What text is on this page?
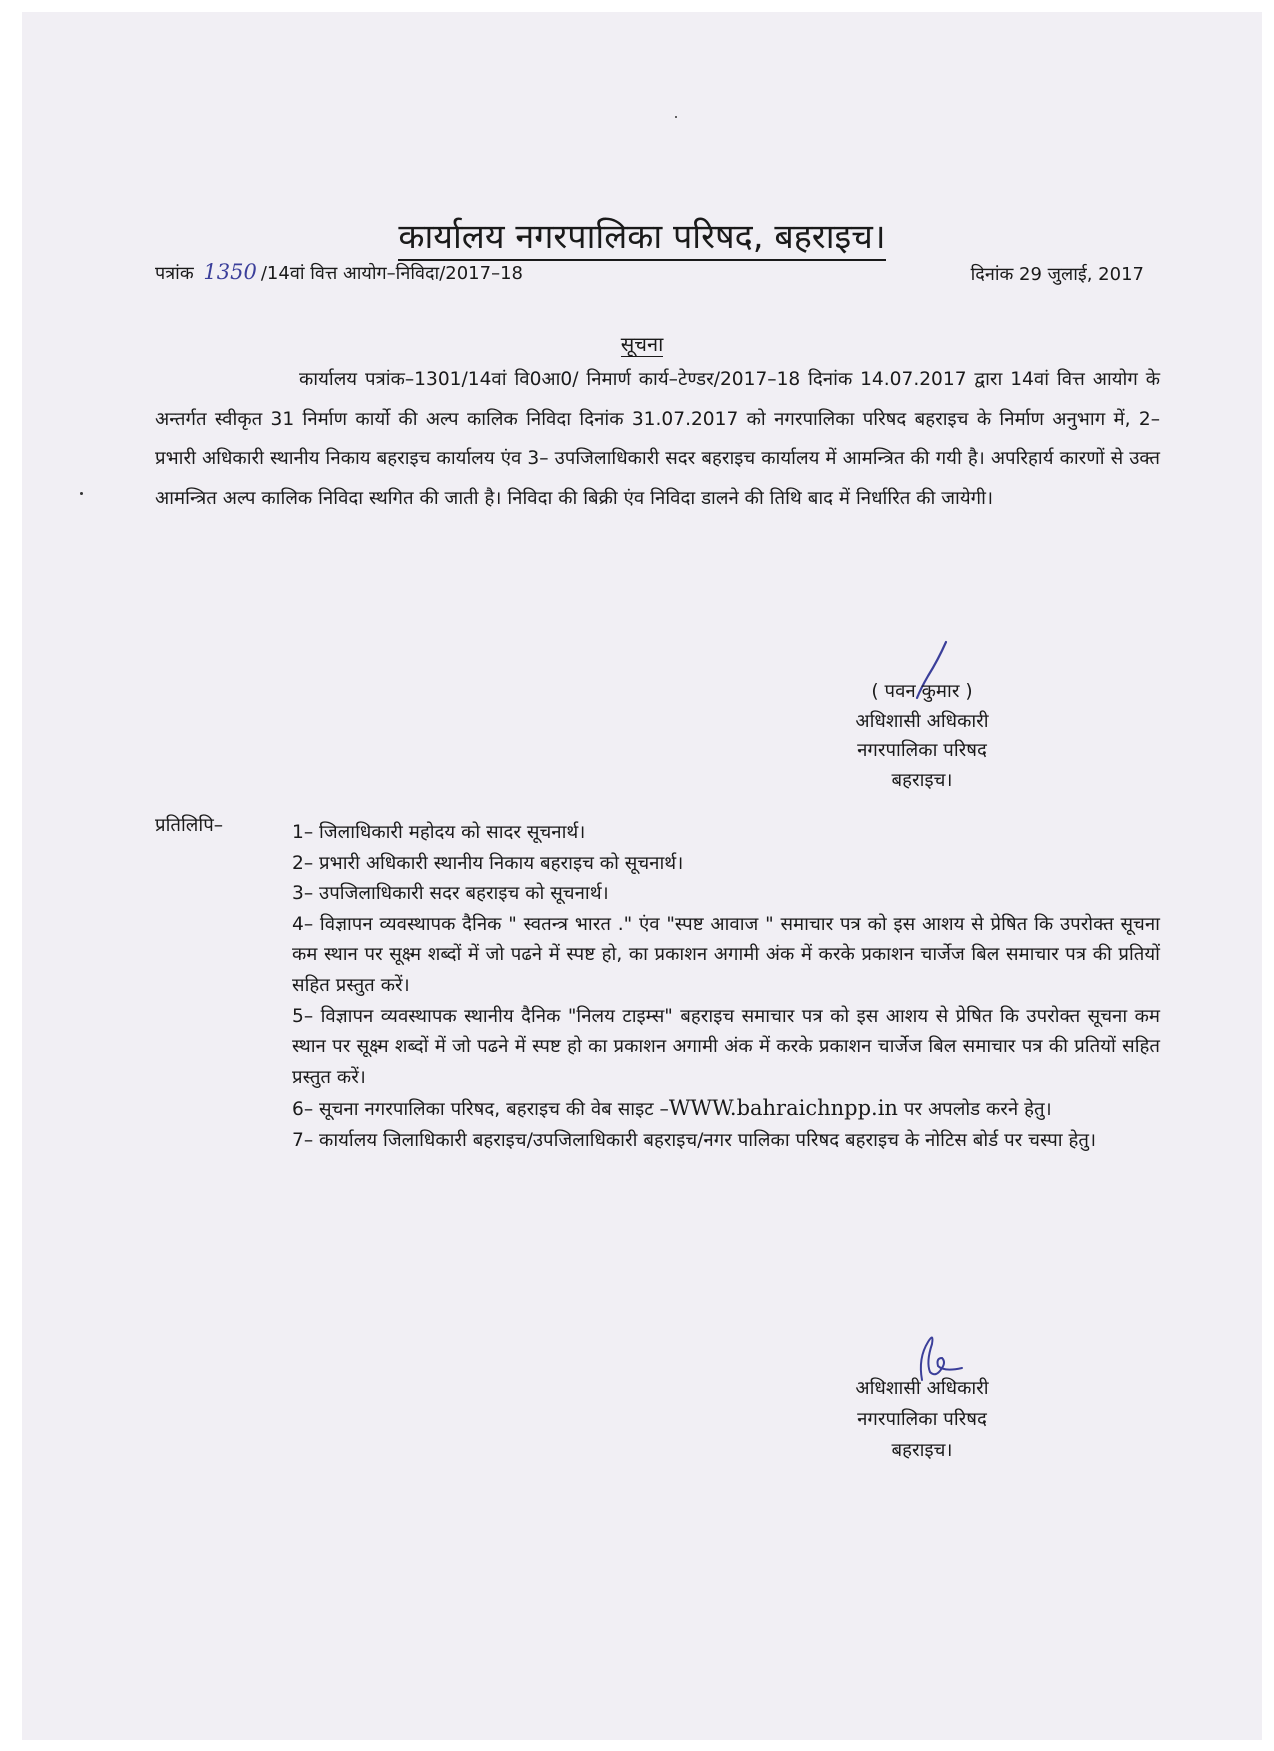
कार्यालय नगरपालिका परिषद, बहराइच।
पत्रांक 1350 /14वां वित्त आयोग–निविदा/2017–18	दिनांक 29 जुलाई, 2017
सूचना
कार्यालय पत्रांक–1301/14वां वि0आ0/ निमार्ण कार्य–टेण्डर/2017–18 दिनांक 14.07.2017 द्वारा 14वां वित्त आयोग के अन्तर्गत स्वीकृत 31 निर्माण कार्यो की अल्प कालिक निविदा दिनांक 31.07.2017 को नगरपालिका परिषद बहराइच के निर्माण अनुभाग में, 2– प्रभारी अधिकारी स्थानीय निकाय बहराइच कार्यालय एंव 3– उपजिलाधिकारी सदर बहराइच कार्यालय में आमन्त्रित की गयी है। अपरिहार्य कारणों से उक्त आमन्त्रित अल्प कालिक निविदा स्थगित की जाती है। निविदा की बिक्री एंव निविदा डालने की तिथि बाद में निर्धारित की जायेगी।
( पवन कुमार )
अधिशासी अधिकारी
नगरपालिका परिषद
बहराइच।
प्रतिलिपि–	1– जिलाधिकारी महोदय को सादर सूचनार्थ।
2– प्रभारी अधिकारी स्थानीय निकाय बहराइच को सूचनार्थ।
3– उपजिलाधिकारी सदर बहराइच को सूचनार्थ।
4– विज्ञापन व्यवस्थापक दैनिक " स्वतन्त्र भारत ." एंव "स्पष्ट आवाज " समाचार पत्र को इस आशय से प्रेषित कि उपरोक्त सूचना कम स्थान पर सूक्ष्म शब्दों में जो पढने में स्पष्ट हो, का प्रकाशन अगामी अंक में करके प्रकाशन चार्जेज बिल समाचार पत्र की प्रतियों सहित प्रस्तुत करें।
5– विज्ञापन व्यवस्थापक स्थानीय दैनिक "निलय टाइम्स" बहराइच समाचार पत्र को इस आशय से प्रेषित कि उपरोक्त सूचना कम स्थान पर सूक्ष्म शब्दों में जो पढने में स्पष्ट हो का प्रकाशन अगामी अंक में करके प्रकाशन चार्जेज बिल समाचार पत्र की प्रतियों सहित प्रस्तुत करें।
6– सूचना नगरपालिका परिषद, बहराइच की वेब साइट –WWW.bahraichnpp.in पर अपलोड करने हेतु।
7– कार्यालय जिलाधिकारी बहराइच/उपजिलाधिकारी बहराइच/नगर पालिका परिषद बहराइच के नोटिस बोर्ड पर चस्पा हेतु।
अधिशासी अधिकारी
नगरपालिका परिषद
बहराइच।
